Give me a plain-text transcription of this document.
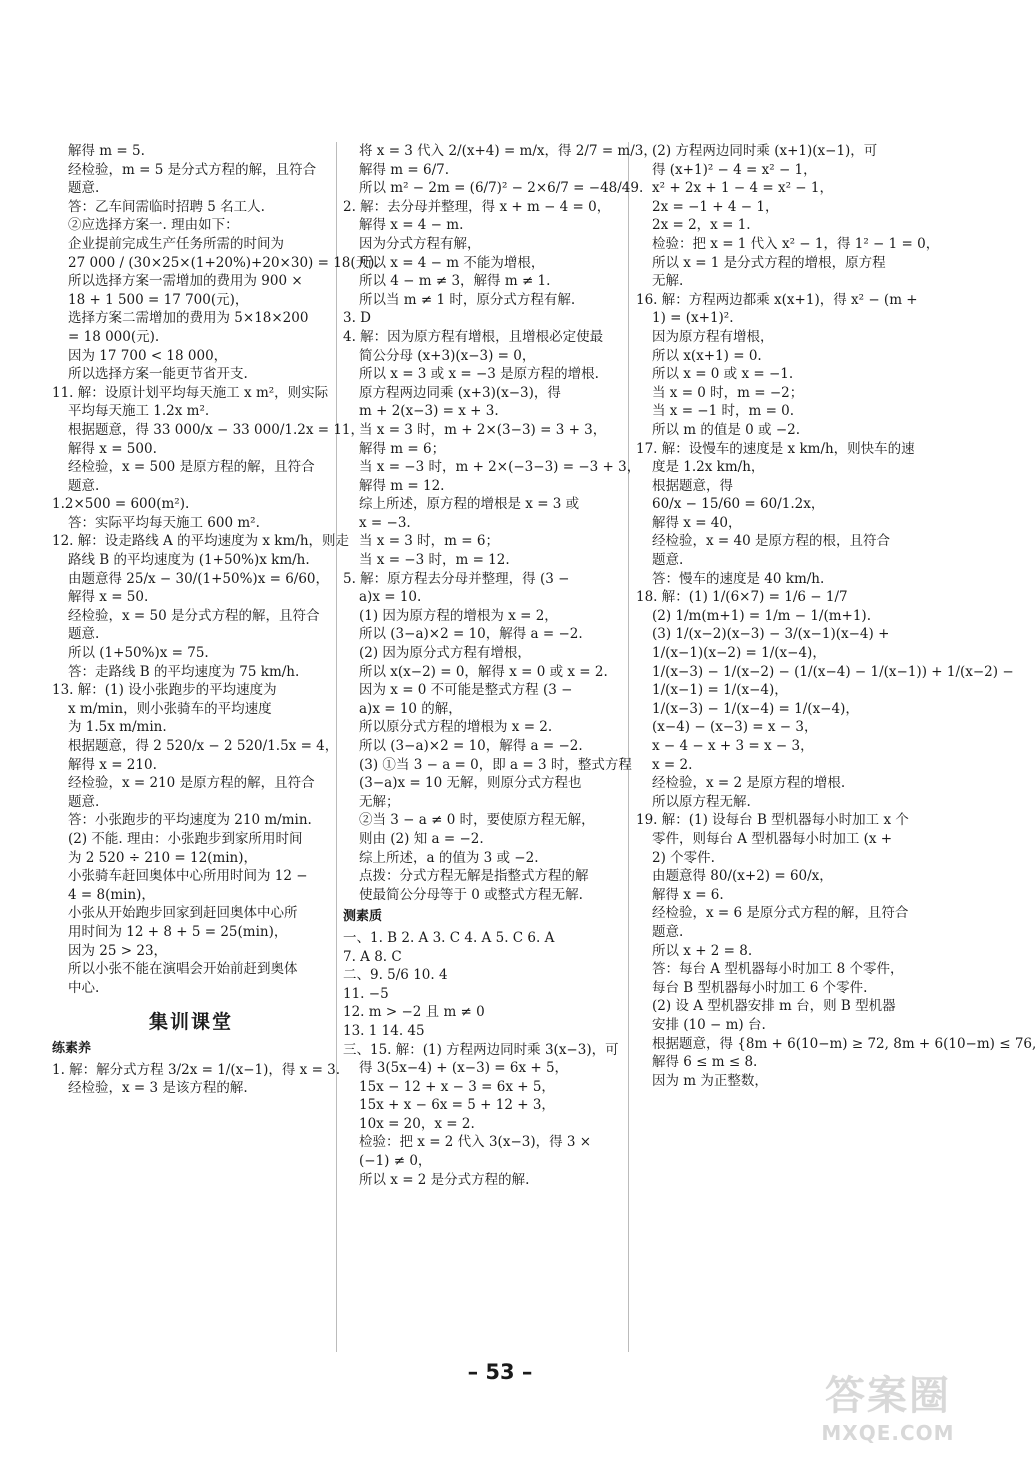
解得 m = 5.
经检验，m = 5 是分式方程的解，且符合
题意.
答：乙车间需临时招聘 5 名工人.
②应选择方案一. 理由如下：
企业提前完成生产任务所需的时间为
27 000 / (30×25×(1+20%)+20×30) = 18(天).
所以选择方案一需增加的费用为 900 ×
18 + 1 500 = 17 700(元)，
选择方案二需增加的费用为 5×18×200
= 18 000(元).
因为 17 700 < 18 000，
所以选择方案一能更节省开支.
11. 解：设原计划平均每天施工 x m²，则实际
平均每天施工 1.2x m².
根据题意，得 33 000/x − 33 000/1.2x = 11，
解得 x = 500.
经检验，x = 500 是原方程的解，且符合
题意.
1.2×500 = 600(m²).
答：实际平均每天施工 600 m².
12. 解：设走路线 A 的平均速度为 x km/h，则走
路线 B 的平均速度为 (1+50%)x km/h.
由题意得 25/x − 30/(1+50%)x = 6/60，
解得 x = 50.
经检验，x = 50 是分式方程的解，且符合
题意.
所以 (1+50%)x = 75.
答：走路线 B 的平均速度为 75 km/h.
13. 解：(1) 设小张跑步的平均速度为
x m/min，则小张骑车的平均速度
为 1.5x m/min.
根据题意，得 2 520/x − 2 520/1.5x = 4，
解得 x = 210.
经检验，x = 210 是原方程的解，且符合
题意.
答：小张跑步的平均速度为 210 m/min.
(2) 不能. 理由：小张跑步到家所用时间
为 2 520 ÷ 210 = 12(min)，
小张骑车赶回奥体中心所用时间为 12 −
4 = 8(min)，
小张从开始跑步回家到赶回奥体中心所
用时间为 12 + 8 + 5 = 25(min)，
因为 25 > 23，
所以小张不能在演唱会开始前赶到奥体
中心.
集训课堂
练素养
1. 解：解分式方程 3/2x = 1/(x−1)，得 x = 3.
经检验，x = 3 是该方程的解.
将 x = 3 代入 2/(x+4) = m/x，得 2/7 = m/3，
解得 m = 6/7.
所以 m² − 2m = (6/7)² − 2×6/7 = −48/49.
2. 解：去分母并整理，得 x + m − 4 = 0，
解得 x = 4 − m.
因为分式方程有解，
所以 x = 4 − m 不能为增根，
所以 4 − m ≠ 3，解得 m ≠ 1.
所以当 m ≠ 1 时，原分式方程有解.
3. D
4. 解：因为原方程有增根，且增根必定使最
简公分母 (x+3)(x−3) = 0，
所以 x = 3 或 x = −3 是原方程的增根.
原方程两边同乘 (x+3)(x−3)，得
m + 2(x−3) = x + 3.
当 x = 3 时，m + 2×(3−3) = 3 + 3，
解得 m = 6；
当 x = −3 时，m + 2×(−3−3) = −3 + 3，
解得 m = 12.
综上所述，原方程的增根是 x = 3 或
x = −3.
当 x = 3 时，m = 6；
当 x = −3 时，m = 12.
5. 解：原方程去分母并整理，得 (3 −
a)x = 10.
(1) 因为原方程的增根为 x = 2，
所以 (3−a)×2 = 10，解得 a = −2.
(2) 因为原分式方程有增根，
所以 x(x−2) = 0，解得 x = 0 或 x = 2.
因为 x = 0 不可能是整式方程 (3 −
a)x = 10 的解，
所以原分式方程的增根为 x = 2.
所以 (3−a)×2 = 10，解得 a = −2.
(3) ①当 3 − a = 0，即 a = 3 时，整式方程
(3−a)x = 10 无解，则原分式方程也
无解；
②当 3 − a ≠ 0 时，要使原方程无解，
则由 (2) 知 a = −2.
综上所述，a 的值为 3 或 −2.
点拨：分式方程无解是指整式方程的解
使最简公分母等于 0 或整式方程无解.
测素质
一、1. B 2. A 3. C 4. A 5. C 6. A
7. A 8. C
二、9. 5/6 10. 4
11. −5
12. m > −2 且 m ≠ 0
13. 1 14. 45
三、15. 解：(1) 方程两边同时乘 3(x−3)，可
得 3(5x−4) + (x−3) = 6x + 5，
15x − 12 + x − 3 = 6x + 5，
15x + x − 6x = 5 + 12 + 3，
10x = 20，x = 2.
检验：把 x = 2 代入 3(x−3)，得 3 ×
(−1) ≠ 0，
所以 x = 2 是分式方程的解.
(2) 方程两边同时乘 (x+1)(x−1)，可
得 (x+1)² − 4 = x² − 1，
x² + 2x + 1 − 4 = x² − 1，
2x = −1 + 4 − 1，
2x = 2，x = 1.
检验：把 x = 1 代入 x² − 1，得 1² − 1 = 0，
所以 x = 1 是分式方程的增根，原方程
无解.
16. 解：方程两边都乘 x(x+1)，得 x² − (m +
1) = (x+1)².
因为原方程有增根，
所以 x(x+1) = 0.
所以 x = 0 或 x = −1.
当 x = 0 时，m = −2；
当 x = −1 时，m = 0.
所以 m 的值是 0 或 −2.
17. 解：设慢车的速度是 x km/h，则快车的速
度是 1.2x km/h，
根据题意，得
60/x − 15/60 = 60/1.2x，
解得 x = 40，
经检验，x = 40 是原方程的根，且符合
题意.
答：慢车的速度是 40 km/h.
18. 解：(1) 1/(6×7) = 1/6 − 1/7
(2) 1/m(m+1) = 1/m − 1/(m+1).
(3) 1/(x−2)(x−3) − 3/(x−1)(x−4) +
1/(x−1)(x−2) = 1/(x−4)，
1/(x−3) − 1/(x−2) − (1/(x−4) − 1/(x−1)) + 1/(x−2) −
1/(x−1) = 1/(x−4)，
1/(x−3) − 1/(x−4) = 1/(x−4)，
(x−4) − (x−3) = x − 3，
x − 4 − x + 3 = x − 3，
x = 2.
经检验，x = 2 是原方程的增根.
所以原方程无解.
19. 解：(1) 设每台 B 型机器每小时加工 x 个
零件，则每台 A 型机器每小时加工 (x +
2) 个零件.
由题意得 80/(x+2) = 60/x，
解得 x = 6.
经检验，x = 6 是原分式方程的解，且符合
题意.
所以 x + 2 = 8.
答：每台 A 型机器每小时加工 8 个零件，
每台 B 型机器每小时加工 6 个零件.
(2) 设 A 型机器安排 m 台，则 B 型机器
安排 (10 − m) 台.
根据题意，得 {8m + 6(10−m) ≥ 72, 8m + 6(10−m) ≤ 76,
解得 6 ≤ m ≤ 8.
因为 m 为正整数，
– 53 –
答案圈
MXQE.COM
